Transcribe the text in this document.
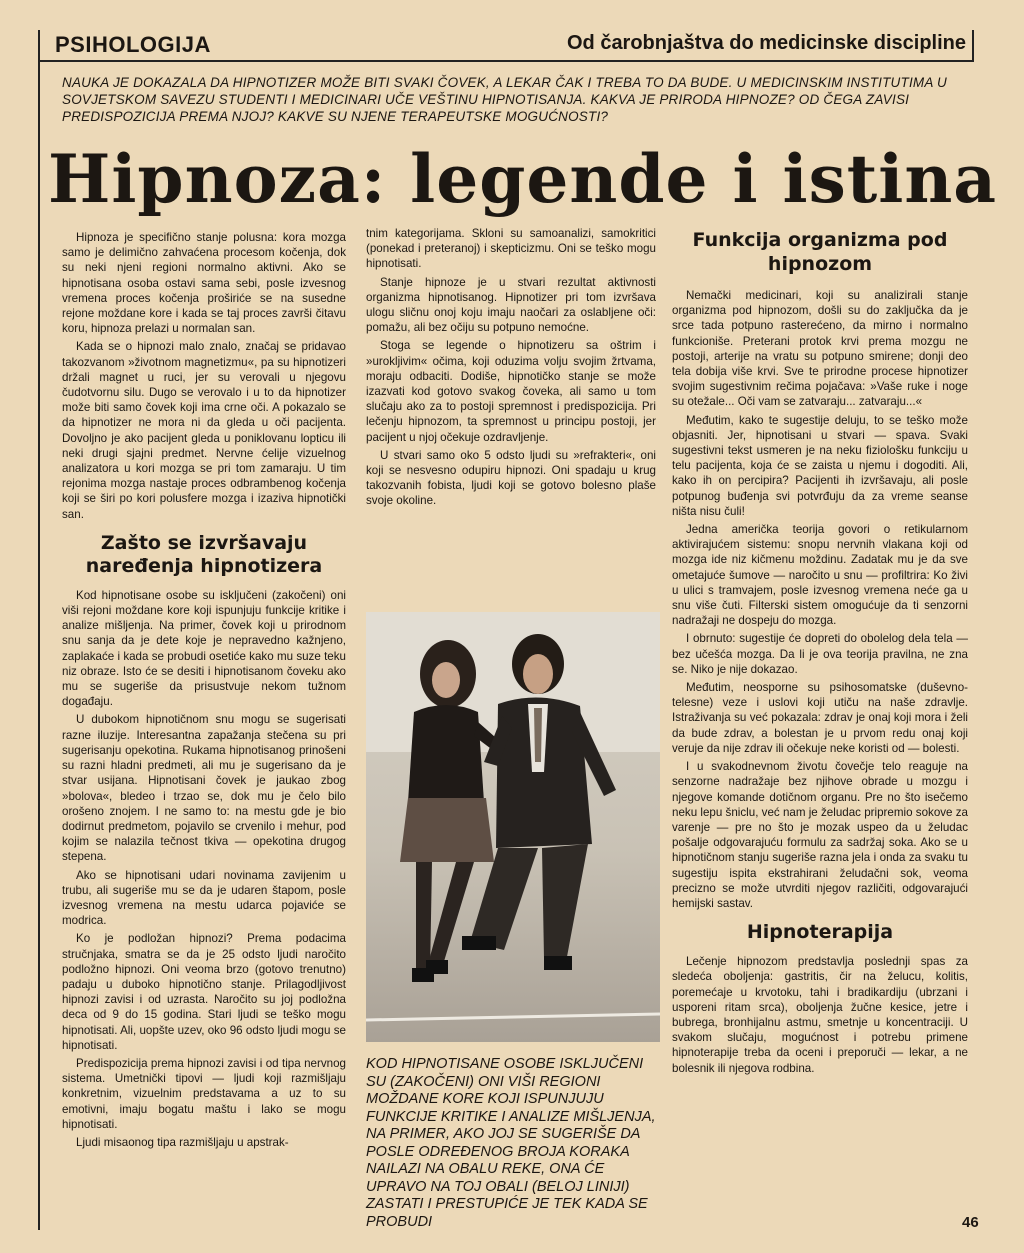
PSIHOLOGIJA	Od čarobnjaštva do medicinske discipline
NAUKA JE DOKAZALA DA HIPNOTIZER MOŽE BITI SVAKI ČOVEK, A LEKAR ČAK I TREBA TO DA BUDE. U MEDICINSKIM INSTITUTIMA U SOVJETSKOM SAVEZU STUDENTI I MEDICINARI UČE VEŠTINU HIPNOTISANJA. KAKVA JE PRIRODA HIPNOZE? OD ČEGA ZAVISI PREDISPOZICIJA PREMA NJOJ? KAKVE SU NJENE TERAPEUTSKE MOGUĆNOSTI?
Hipnoza: legende i istina

Hipnoza je specifično stanje polusna: kora mozga samo je delimično zahvaćena procesom kočenja, dok su neki njeni regioni normalno aktivni. Ako se hipnotisana osoba ostavi sama sebi, posle izvesnog vremena proces kočenja proširiće se na susedne rejone moždane kore i kada se taj proces završi čitavu koru, hipnoza prelazi u normalan san.

Kada se o hipnozi malo znalo, značaj se pridavao takozvanom »životnom magnetizmu«, pa su hipnotizeri držali magnet u ruci, jer su verovali u njegovu čudotvornu silu. Dugo se verovalo i u to da hipnotizer može biti samo čovek koji ima crne oči. A pokazalo se da hipnotizer ne mora ni da gleda u oči pacijenta. Dovoljno je ako pacijent gleda u poniklovanu lopticu ili neki drugi sjajni predmet. Nervne ćelije vizuelnog analizatora u kori mozga se pri tom zamaraju. U tim rejonima mozga nastaje proces odbrambenog kočenja koji se širi po kori polusfere mozga i izaziva hipnotički san.

Zašto se izvršavaju naređenja hipnotizera

Kod hipnotisane osobe su isključeni (zakočeni) oni viši rejoni moždane kore koji ispunjuju funkcije kritike i analize mišljenja. Na primer, čovek koji u prirodnom snu sanja da je dete koje je nepravedno kažnjeno, zaplakaće i kada se probudi osetiće kako mu suze teku niz obraze. Isto će se desiti i hipnotisanom čoveku ako mu se sugeriše da prisustvuje nekom tužnom događaju.

U dubokom hipnotičnom snu mogu se sugerisati razne iluzije. Interesantna zapažanja stečena su pri sugerisanju opekotina. Rukama hipnotisanog prinošeni su razni hladni predmeti, ali mu je sugerisano da je stvar usijana. Hipnotisani čovek je jaukao zbog »bolova«, bledeo i trzao se, dok mu je čelo bilo orošeno znojem. I ne samo to: na mestu gde je bio dodirnut predmetom, pojavilo se crvenilo i mehur, pod kojim se nalazila tečnost tkiva — opekotina drugog stepena.

Ako se hipnotisani udari novinama zavijenim u trubu, ali sugeriše mu se da je udaren štapom, posle izvesnog vremena na mestu udarca pojaviće se modrica.

Ko je podložan hipnozi? Prema podacima stručnjaka, smatra se da je 25 odsto ljudi naročito podložno hipnozi. Oni veoma brzo (gotovo trenutno) padaju u duboko hipnotično stanje. Prilagodljivost hipnozi zavisi i od uzrasta. Naročito su joj podložna deca od 9 do 15 godina. Stari ljudi se teško mogu hipnotisati. Ali, uopšte uzev, oko 96 odsto ljudi mogu se hipnotisati.

Predispozicija prema hipnozi zavisi i od tipa nervnog sistema. Umetnički tipovi — ljudi koji razmišljaju konkretnim, vizuelnim predstavama a uz to su emotivni, imaju bogatu maštu i lako se mogu hipnotisati.

Ljudi misaonog tipa razmišljaju u apstrak-

tnim kategorijama. Skloni su samoanalizi, samokritici (ponekad i preteranoj) i skepticizmu. Oni se teško mogu hipnotisati.

Stanje hipnoze je u stvari rezultat aktivnosti organizma hipnotisanog. Hipnotizer pri tom izvršava ulogu sličnu onoj koju imaju naočari za oslabljene oči: pomažu, ali bez očiju su potpuno nemoćne.

Stoga se legende o hipnotizeru sa oštrim i »uroklјivim« očima, koji oduzima volju svojim žrtvama, moraju odbaciti. Dodiše, hipnotičko stanje se može izazvati kod gotovo svakog čoveka, ali samo u tom slučaju ako za to postoji spremnost i predispozicija. Pri lečenju hipnozom, ta spremnost u principu postoji, jer pacijent u njoj očekuje ozdravljenje.

U stvari samo oko 5 odsto ljudi su »refrakteri«, oni koji se nesvesno odupiru hipnozi. Oni spadaju u krug takozvanih fobista, ljudi koji se gotovo bolesno plaše svoje okoline.

KOD HIPNOTISANE OSOBE ISKLJUČENI SU (ZAKOČENI) ONI VIŠI REGIONI MOŽDANE KORE KOJI ISPUNJUJU FUNKCIJE KRITIKE I ANALIZE MIŠLJENJA, NA PRIMER, AKO JOJ SE SUGERIŠE DA POSLE ODREĐENOG BROJA KORAKA NAILAZI NA OBALU REKE, ONA ĆE UPRAVO NA TOJ OBALI (BELOJ LINIJI) ZASTATI I PRESTUPIĆE JE TEK KADA SE PROBUDI
Funkcija organizma pod hipnozom

Nemački medicinari, koji su analizirali stanje organizma pod hipnozom, došli su do zaključka da je srce tada potpuno rasterećeno, da mirno i normalno funkcioniše. Preterani protok krvi prema mozgu ne postoji, arterije na vratu su potpuno smirene; donji deo tela dobija više krvi. Sve te prirodne procese hipnotizer svojim sugestivnim rečima pojačava: »Vaše ruke i noge su otežale... Oči vam se zatvaraju... zatvaraju...«

Međutim, kako te sugestije deluju, to se teško može objasniti. Jer, hipnotisani u stvari — spava. Svaki sugestivni tekst usmeren je na neku fiziološku funkciju u telu pacijenta, koja će se zaista u njemu i dogoditi. Ali, kako ih on percipira? Pacijenti ih izvršavaju, ali posle potpunog buđenja svi potvrđuju da za vreme seanse ništa nisu čuli!

Jedna američka teorija govori o retikularnom aktivirajućem sistemu: snopu nervnih vlakana koji od mozga ide niz kičmenu moždinu. Zadatak mu je da sve ometajuće šumove — naročito u snu — profiltrira: Ko živi u ulici s tramvajem, posle izvesnog vremena neće ga u snu više čuti. Filterski sistem omogućuje da ti senzorni nadražaji ne dospeju do mozga.

I obrnuto: sugestije će dopreti do obolelog dela tela — bez učešća mozga. Da li je ova teorija pravilna, ne zna se. Niko je nije dokazao.

Međutim, neosporne su psihosomatske (duševno-telesne) veze i uslovi koji utiču na naše zdravlje. Istraživanja su već pokazala: zdrav je onaj koji mora i želi da bude zdrav, a bolestan je u prvom redu onaj koji veruje da nije zdrav ili očekuje neke koristi od — bolesti.

I u svakodnevnom životu čovečje telo reaguje na senzorne nadražaje bez njihove obrade u mozgu i njegove komande dotičnom organu. Pre no što isečemo neku lepu šniclu, već nam je želudac pripremio sokove za varenje — pre no što je mozak uspeo da u želudac pošalje odgovarajuću formulu za sadržaj soka. Ako se u hipnotičnom stanju sugeriše razna jela i onda za svaku tu sugestiju ispita ekstrahirani želudačni sok, veoma precizno se može utvrditi njegov različiti, odgovarajući hemijski sastav.

Hipnoterapija

Lečenje hipnozom predstavlja poslednji spas za sledeća oboljenja: gastritis, čir na želucu, kolitis, poremećaje u krvotoku, tahi i bradikardiju (ubrzani i usporeni ritam srca), oboljenja žučne kesice, jetre i bubrega, bronhijalnu astmu, smetnje u koncentraciji. U svakom slučaju, mogućnost i potrebu primene hipnoterapije treba da oceni i preporuči — lekar, a ne bolesnik ili njegova rodbina.

46
